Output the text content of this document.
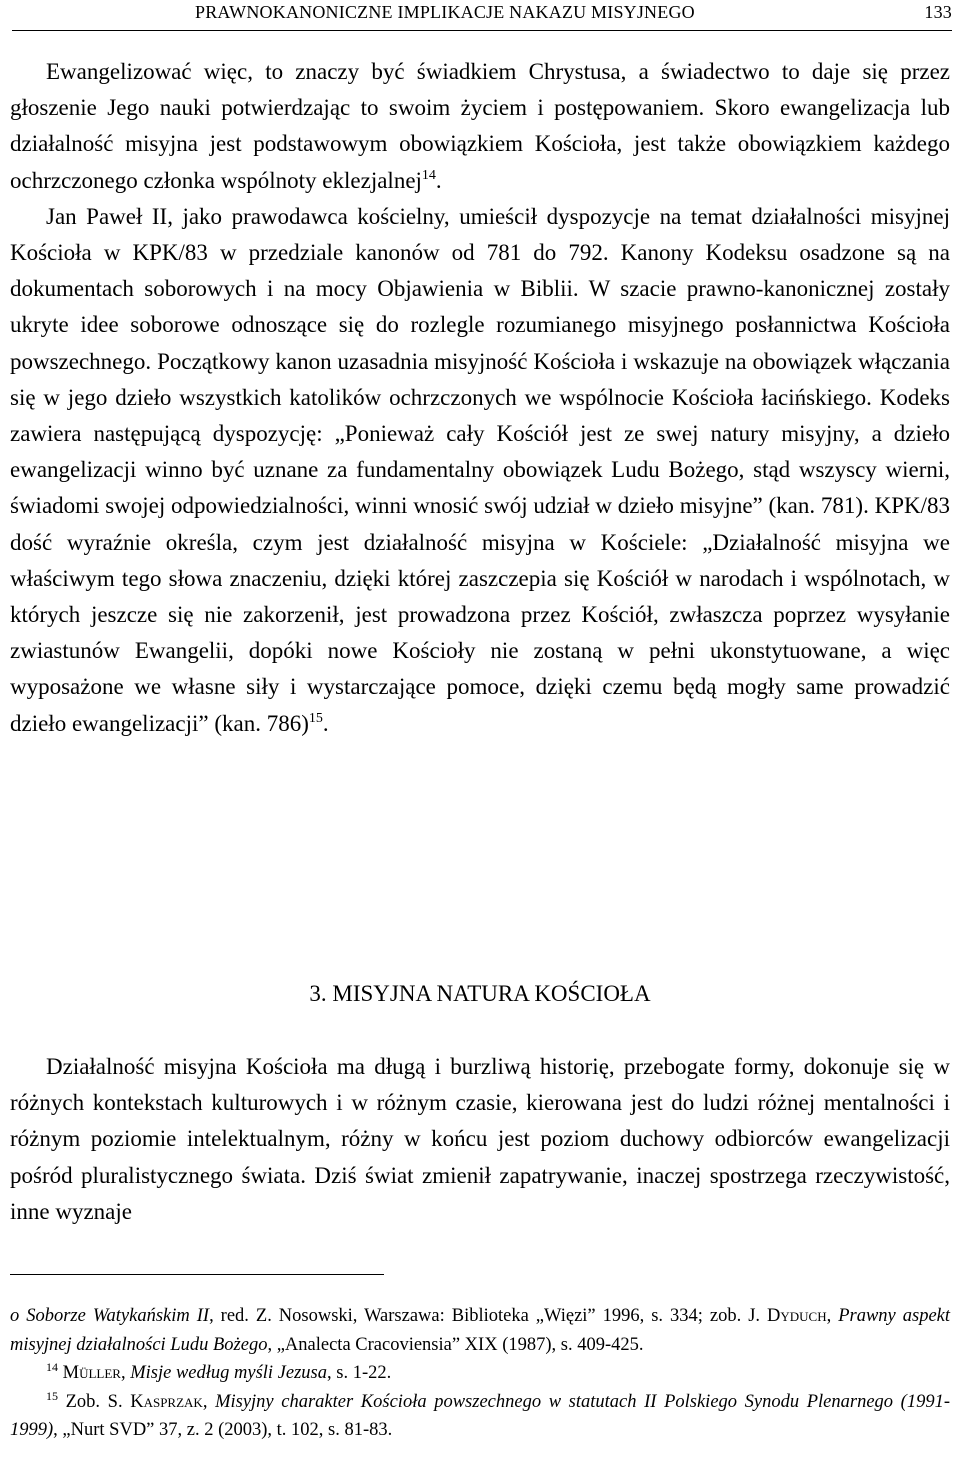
PRAWNOKANONICZNE IMPLIKACJE NAKAZU MISYJNEGO	133

Ewangelizować więc, to znaczy być świadkiem Chrystusa, a świadectwo to daje się przez głoszenie Jego nauki potwierdzając to swoim życiem i postępowaniem. Skoro ewangelizacja lub działalność misyjna jest podstawowym obowiązkiem Kościoła, jest także obowiązkiem każdego ochrzczonego członka wspólnoty eklezjalnej$^{14}$.

Jan Paweł II, jako prawodawca kościelny, umieścił dyspozycje na temat działalności misyjnej Kościoła w KPK/83 w przedziale kanonów od 781 do 792. Kanony Kodeksu osadzone są na dokumentach soborowych i na mocy Objawienia w Biblii. W szacie prawno-kanonicznej zostały ukryte idee soborowe odnoszące się do rozlegle rozumianego misyjnego posłannictwa Kościoła powszechnego. Początkowy kanon uzasadnia misyjność Kościoła i wskazuje na obowiązek włączania się w jego dzieło wszystkich katolików ochrzczonych we wspólnocie Kościoła łacińskiego. Kodeks zawiera następującą dyspozycję: „Ponieważ cały Kościół jest ze swej natury misyjny, a dzieło ewangelizacji winno być uznane za fundamentalny obowiązek Ludu Bożego, stąd wszyscy wierni, świadomi swojej odpowiedzialności, winni wnosić swój udział w dzieło misyjne” (kan. 781). KPK/83 dość wyraźnie określa, czym jest działalność misyjna w Kościele: „Działalność misyjna we właściwym tego słowa znaczeniu, dzięki której zaszczepia się Kościół w narodach i wspólnotach, w których jeszcze się nie zakorzenił, jest prowadzona przez Kościół, zwłaszcza poprzez wysyłanie zwiastunów Ewangelii, dopóki nowe Kościoły nie zostaną w pełni ukonstytuowane, a więc wyposażone we własne siły i wystarczające pomoce, dzięki czemu będą mogły same prowadzić dzieło ewangelizacji” (kan. 786)$^{15}$.

3. MISYJNA NATURA KOŚCIOŁA

Działalność misyjna Kościoła ma długą i burzliwą historię, przebogate formy, dokonuje się w różnych kontekstach kulturowych i w różnym czasie, kierowana jest do ludzi różnej mentalności i różnym poziomie intelektualnym, różny w końcu jest poziom duchowy odbiorców ewangelizacji pośród pluralistycznego świata. Dziś świat zmienił zapatrywanie, inaczej spostrzega rzeczywistość, inne wyznaje

o Soborze Watykańskim II, red. Z. Nosowski, Warszawa: Biblioteka „Więzi” 1996, s. 334; zob. J. Dyduch, Prawny aspekt misyjnej działalności Ludu Bożego, „Analecta Cracoviensia” XIX (1987), s. 409-425.

$^{14}$ Müller, Misje według myśli Jezusa, s. 1-22.

$^{15}$ Zob. S. Kasprzak, Misyjny charakter Kościoła powszechnego w statutach II Polskiego Synodu Plenarnego (1991-1999), „Nurt SVD” 37, z. 2 (2003), t. 102, s. 81-83.
